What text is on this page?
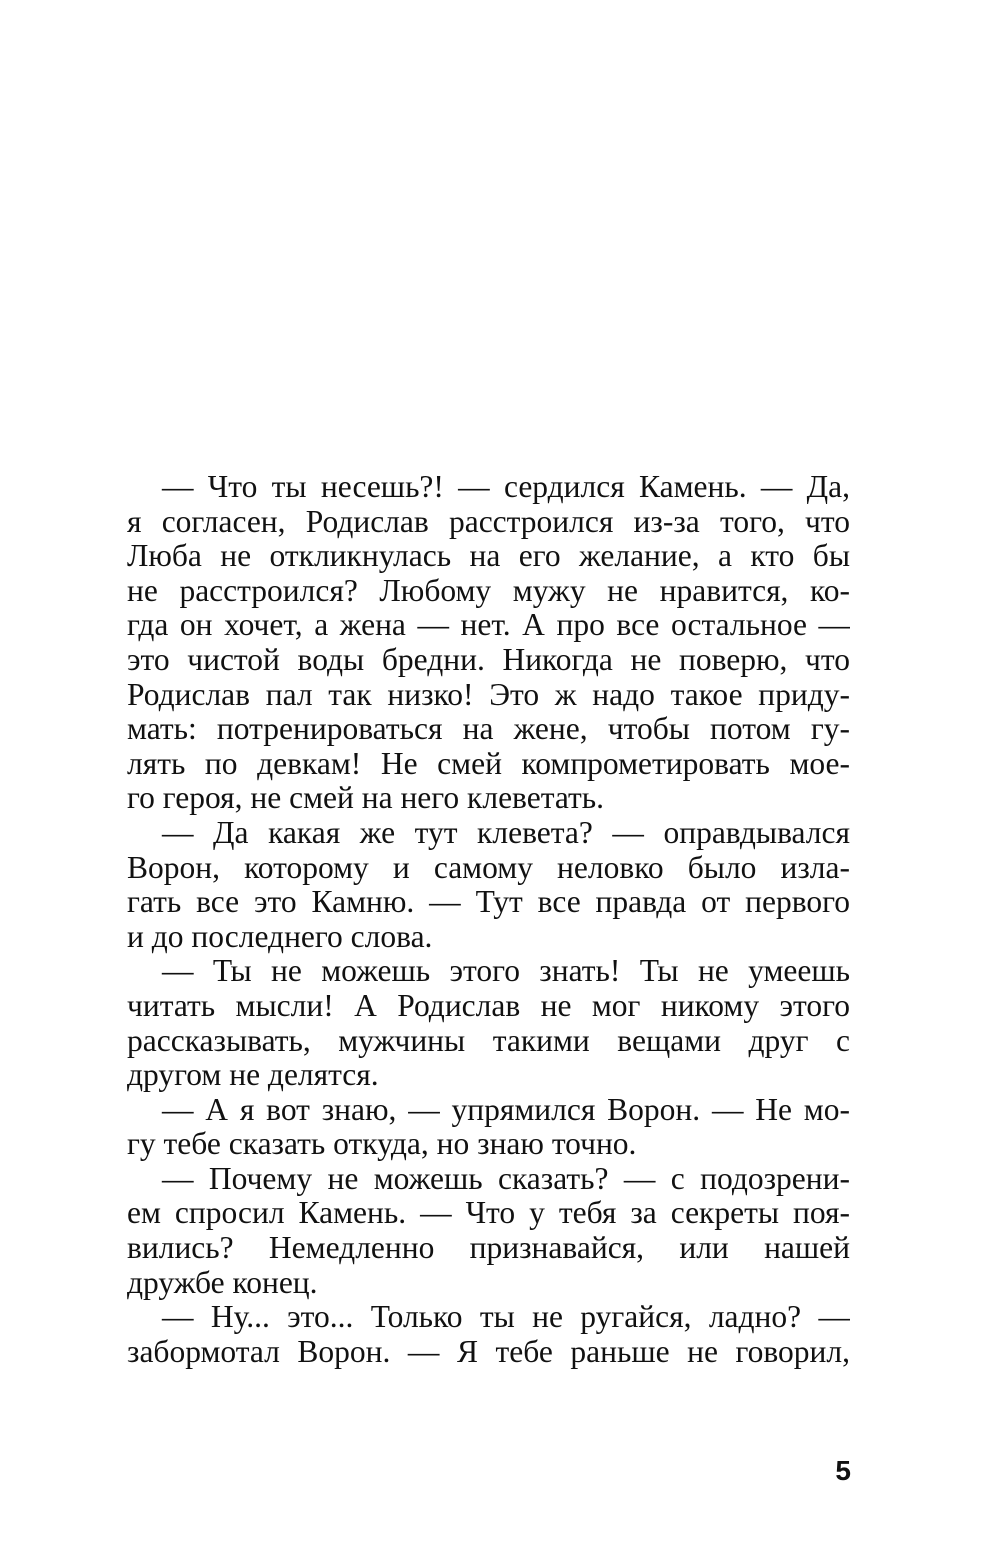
— Что ты несешь?! — сердился Камень. — Да,
я согласен, Родислав расстроился из-за того, что
Люба не откликнулась на его желание, а кто бы
не расстроился? Любому мужу не нравится, ко-
гда он хочет, а жена — нет. А про все остальное —
это чистой воды бредни. Никогда не поверю, что
Родислав пал так низко! Это ж надо такое приду-
мать: потренироваться на жене, чтобы потом гу-
лять по девкам! Не смей компрометировать мое-
го героя, не смей на него клеветать.
— Да какая же тут клевета? — оправдывался
Ворон, которому и самому неловко было изла-
гать все это Камню. — Тут все правда от первого
и до последнего слова.
— Ты не можешь этого знать! Ты не умеешь
читать мысли! А Родислав не мог никому этого
рассказывать, мужчины такими вещами друг с
другом не делятся.
— А я вот знаю, — упрямился Ворон. — Не мо-
гу тебе сказать откуда, но знаю точно.
— Почему не можешь сказать? — с подозрени-
ем спросил Камень. — Что у тебя за секреты поя-
вились? Немедленно признавайся, или нашей
дружбе конец.
— Ну... это... Только ты не ругайся, ладно? —
забормотал Ворон. — Я тебе раньше не говорил,
5
